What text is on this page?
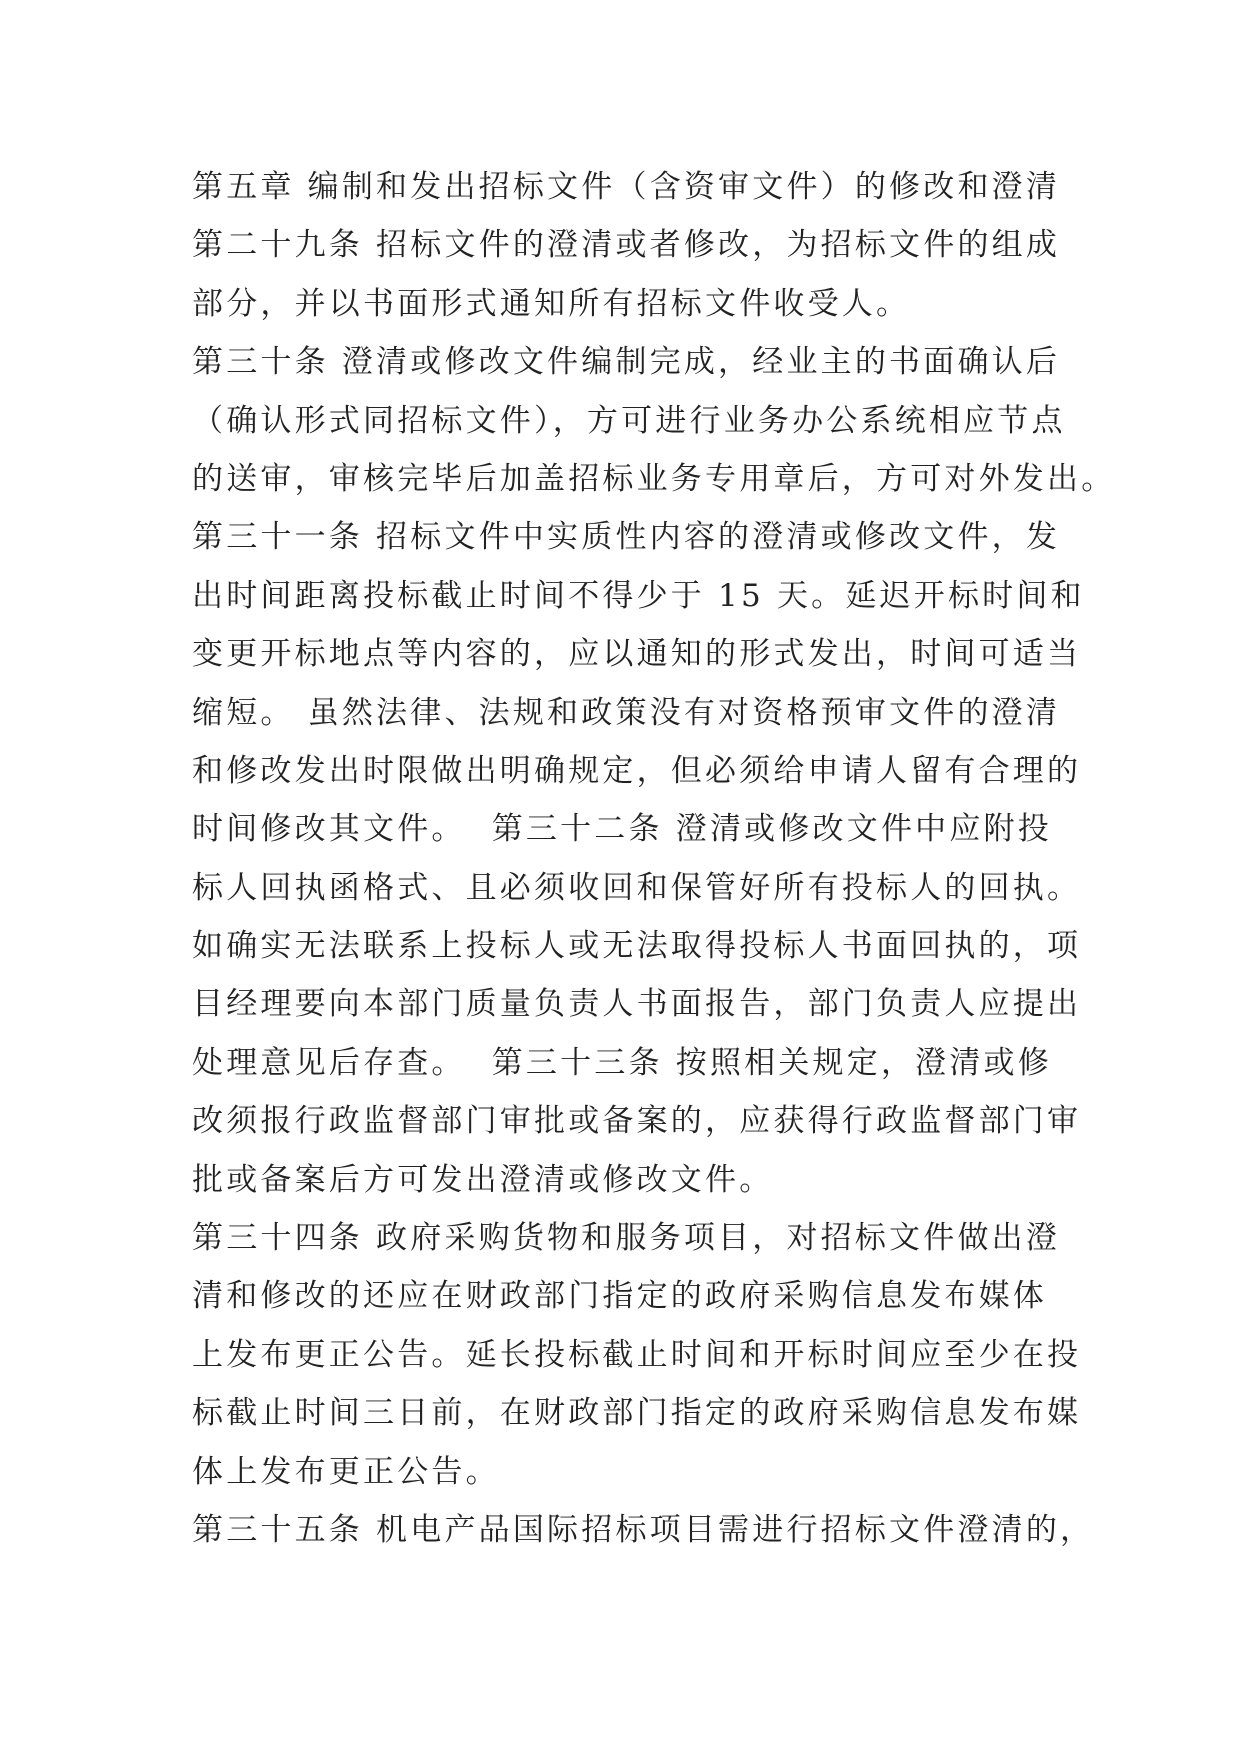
第五章 编制和发出招标文件（含资审文件）的修改和澄清
第二十九条 招标文件的澄清或者修改，为招标文件的组成
部分，并以书面形式通知所有招标文件收受人。
第三十条 澄清或修改文件编制完成，经业主的书面确认后
（确认形式同招标文件），方可进行业务办公系统相应节点
的送审，审核完毕后加盖招标业务专用章后，方可对外发出。
第三十一条 招标文件中实质性内容的澄清或修改文件，发
出时间距离投标截止时间不得少于 15 天。延迟开标时间和
变更开标地点等内容的，应以通知的形式发出，时间可适当
缩短。 虽然法律、法规和政策没有对资格预审文件的澄清
和修改发出时限做出明确规定，但必须给申请人留有合理的
时间修改其文件。  第三十二条 澄清或修改文件中应附投
标人回执函格式、且必须收回和保管好所有投标人的回执。
如确实无法联系上投标人或无法取得投标人书面回执的，项
目经理要向本部门质量负责人书面报告，部门负责人应提出
处理意见后存查。  第三十三条 按照相关规定，澄清或修
改须报行政监督部门审批或备案的，应获得行政监督部门审
批或备案后方可发出澄清或修改文件。
第三十四条 政府采购货物和服务项目，对招标文件做出澄
清和修改的还应在财政部门指定的政府采购信息发布媒体
上发布更正公告。延长投标截止时间和开标时间应至少在投
标截止时间三日前，在财政部门指定的政府采购信息发布媒
体上发布更正公告。
第三十五条 机电产品国际招标项目需进行招标文件澄清的，
